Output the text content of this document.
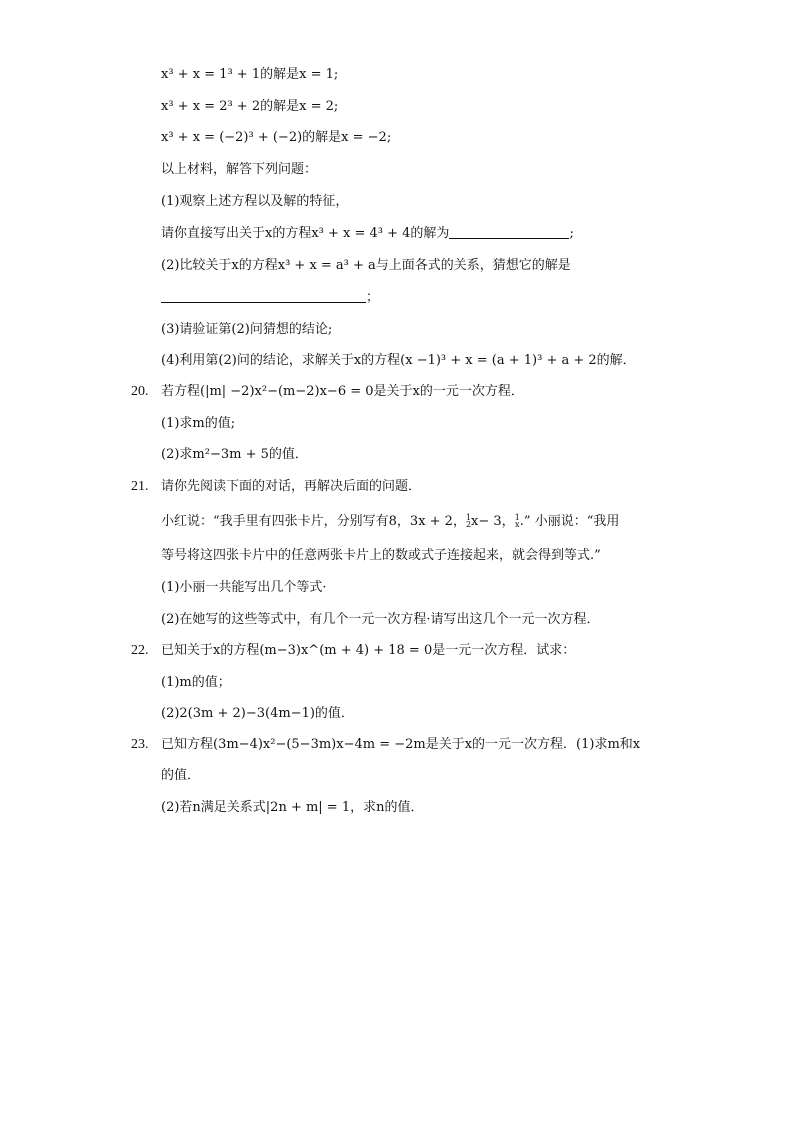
x³ + x = 1³ + 1的解是x = 1;
x³ + x = 2³ + 2的解是x = 2;
x³ + x = (−2)³ + (−2)的解是x = −2;
以上材料，解答下列问题：
(1)观察上述方程以及解的特征，
请你直接写出关于x的方程x³ + x = 4³ + 4的解为	;
(2)比较关于x的方程x³ + x = a³ + a与上面各式的关系，猜想它的解是
；
(3)请验证第(2)问猜想的结论;
(4)利用第(2)问的结论，求解关于x的方程(x −1)³ + x = (a + 1)³ + a + 2的解．
20. 若方程(|m| −2)x²−(m−2)x−6 = 0是关于x的一元一次方程．
(1)求m的值;
(2)求m²−3m + 5的值．
21. 请你先阅读下面的对话，再解决后面的问题．
小红说：“我手里有四张卡片，分别写有8，3x + 2， 1
2 x− 3， 1
x .” 小丽说：“我用
等号将这四张卡片中的任意两张卡片上的数或式子连接起来，就会得到等式.”
(1)小丽一共能写出几个等式·
(2)在她写的这些等式中，有几个一元一次方程·请写出这几个一元一次方程．
22. 已知关于x的方程(m−3)x^(m + 4) + 18 = 0是一元一次方程．试求：
(1)m的值；
(2)2(3m + 2)−3(4m−1)的值．
23. 已知方程(3m−4)x²−(5−3m)x−4m = −2m是关于x的一元一次方程．(1)求m和x
的值．
(2)若n满足关系式|2n + m| = 1，求n的值．
